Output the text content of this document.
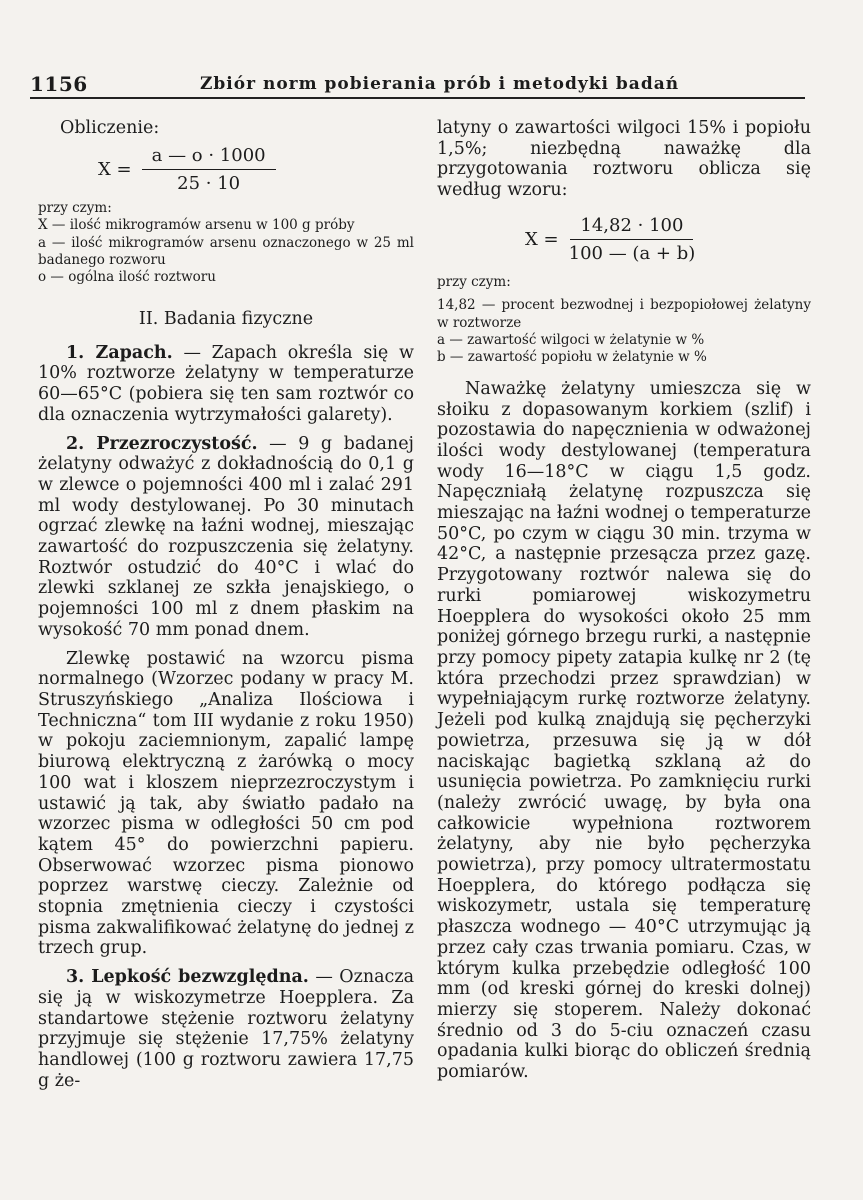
1156	Zbiór norm pobierania prób i metodyki badań

Obliczenie:

$X = \frac{a — o \cdot 1000}{25 \cdot 10}$

przy czym:

X — ilość mikrogramów arsenu w 100 g próby

a — ilość mikrogramów arsenu oznaczonego w 25 ml badanego rozworu

o — ogólna ilość roztworu

II. Badania fizyczne

1. Zapach. — Zapach określa się w 10% roztworze żelatyny w temperaturze 60—65°C (pobiera się ten sam roztwór co dla oznaczenia wytrzymałości galarety).

2. Przezroczystość. — 9 g badanej żelatyny odważyć z dokładnością do 0,1 g w zlewce o pojemności 400 ml i zalać 291 ml wody destylowanej. Po 30 minutach ogrzać zlewkę na łaźni wodnej, mieszając zawartość do rozpuszczenia się żelatyny. Roztwór ostudzić do 40°C i wlać do zlewki szklanej ze szkła jenajskiego, o pojemności 100 ml z dnem płaskim na wysokość 70 mm ponad dnem.

Zlewkę postawić na wzorcu pisma normalnego (Wzorzec podany w pracy M. Struszyńskiego „Analiza Ilościowa i Techniczna“ tom III wydanie z roku 1950) w pokoju zaciemnionym, zapalić lampę biurową elektryczną z żarówką o mocy 100 wat i kloszem nieprzezroczystym i ustawić ją tak, aby światło padało na wzorzec pisma w odległości 50 cm pod kątem 45° do powierzchni papieru. Obserwować wzorzec pisma pionowo poprzez warstwę cieczy. Zależnie od stopnia zmętnienia cieczy i czystości pisma zakwalifikować żelatynę do jednej z trzech grup.

3. Lepkość bezwzględna. — Oznacza się ją w wiskozymetrze Hoepplera. Za standartowe stężenie roztworu żelatyny przyjmuje się stężenie 17,75% żelatyny handlowej (100 g roztworu zawiera 17,75 g że-

latyny o zawartości wilgoci 15% i popiołu 1,5%; niezbędną naważkę dla przygotowania roztworu oblicza się według wzoru:

$X = \frac{14,82 \cdot 100}{100 — (a + b)}$

przy czym:

14,82 — procent bezwodnej i bezpopiołowej żelatyny w roztworze

a — zawartość wilgoci w żelatynie w %

b — zawartość popiołu w żelatynie w %

Naważkę żelatyny umieszcza się w słoiku z dopasowanym korkiem (szlif) i pozostawia do napęcznienia w odważonej ilości wody destylowanej (temperatura wody 16—18°C w ciągu 1,5 godz. Napęczniałą żelatynę rozpuszcza się mieszając na łaźni wodnej o temperaturze 50°C, po czym w ciągu 30 min. trzyma w 42°C, a następnie przesącza przez gazę. Przygotowany roztwór nalewa się do rurki pomiarowej wiskozymetru Hoepplera do wysokości około 25 mm poniżej górnego brzegu rurki, a następnie przy pomocy pipety zatapia kulkę nr 2 (tę która przechodzi przez sprawdzian) w wypełniającym rurkę roztworze żelatyny. Jeżeli pod kulką znajdują się pęcherzyki powietrza, przesuwa się ją w dół naciskając bagietką szklaną aż do usunięcia powietrza. Po zamknięciu rurki (należy zwrócić uwagę, by była ona całkowicie wypełniona roztworem żelatyny, aby nie było pęcherzyka powietrza), przy pomocy ultratermostatu Hoepplera, do którego podłącza się wiskozymetr, ustala się temperaturę płaszcza wodnego — 40°C utrzymując ją przez cały czas trwania pomiaru. Czas, w którym kulka przebędzie odległość 100 mm (od kreski górnej do kreski dolnej) mierzy się stoperem. Należy dokonać średnio od 3 do 5-ciu oznaczeń czasu opadania kulki biorąc do obliczeń średnią pomiarów.
